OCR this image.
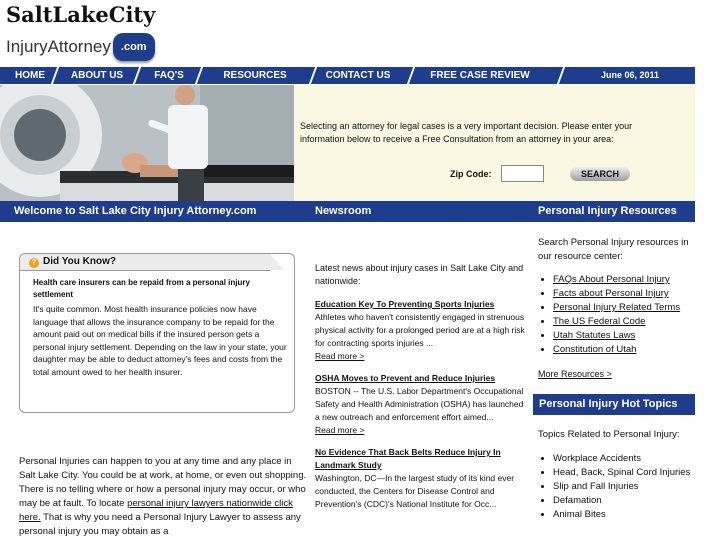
SaltLakeCity
InjuryAttorney .com
HOME	ABOUT US	FAQ'S	RESOURCES	CONTACT US	FREE CASE REVIEW	June 06, 2011
Selecting an attorney for legal cases is a very important decision. Please enter your information below to receive a Free Consultation from an attorney in your area:
Zip Code:	SEARCH
Welcome to Salt Lake City Injury Attorney.com	Newsroom	Personal Injury Resources
? Did You Know?
Health care insurers can be repaid from a personal injury settlement
It's quite common. Most health insurance policies now have language that allows the insurance company to be repaid for the amount paid out on medical bills if the insured person gets a personal injury settlement. Depending on the law in your state, your daughter may be able to deduct attorney's fees and costs from the total amount owed to her health insurer.
Personal Injuries can happen to you at any time and any place in Salt Lake City. You could be at work, at home, or even out shopping. There is no telling where or how a personal injury may occur, or who may be at fault. To locate personal injury lawyers nationwide click here. That is why you need a Personal Injury Lawyer to assess any personal injury you may obtain as a
Latest news about injury cases in Salt Lake City and nationwide:
Education Key To Preventing Sports Injuries
Athletes who haven't consistently engaged in strenuous physical activity for a prolonged period are at a high risk for contracting sports injuries ...
Read more >
OSHA Moves to Prevent and Reduce Injuries
BOSTON -- The U.S. Labor Department's Occupational Safety and Health Administration (OSHA) has launched a new outreach and enforcement effort aimed...
Read more >
No Evidence That Back Belts Reduce Injury In Landmark Study
Washington, DC—In the largest study of its kind ever conducted, the Centers for Disease Control and Prevention's (CDC)'s National Institute for Occ...
Search Personal Injury resources in our resource center:
• FAQs About Personal Injury
• Facts about Personal Injury
• Personal Injury Related Terms
• The US Federal Code
• Utah Statutes Laws
• Constitution of Utah
More Resources >
Personal Injury Hot Topics
Topics Related to Personal Injury:
• Workplace Accidents
• Head, Back, Spinal Cord Injuries
• Slip and Fall Injuries
• Defamation
• Animal Bites
